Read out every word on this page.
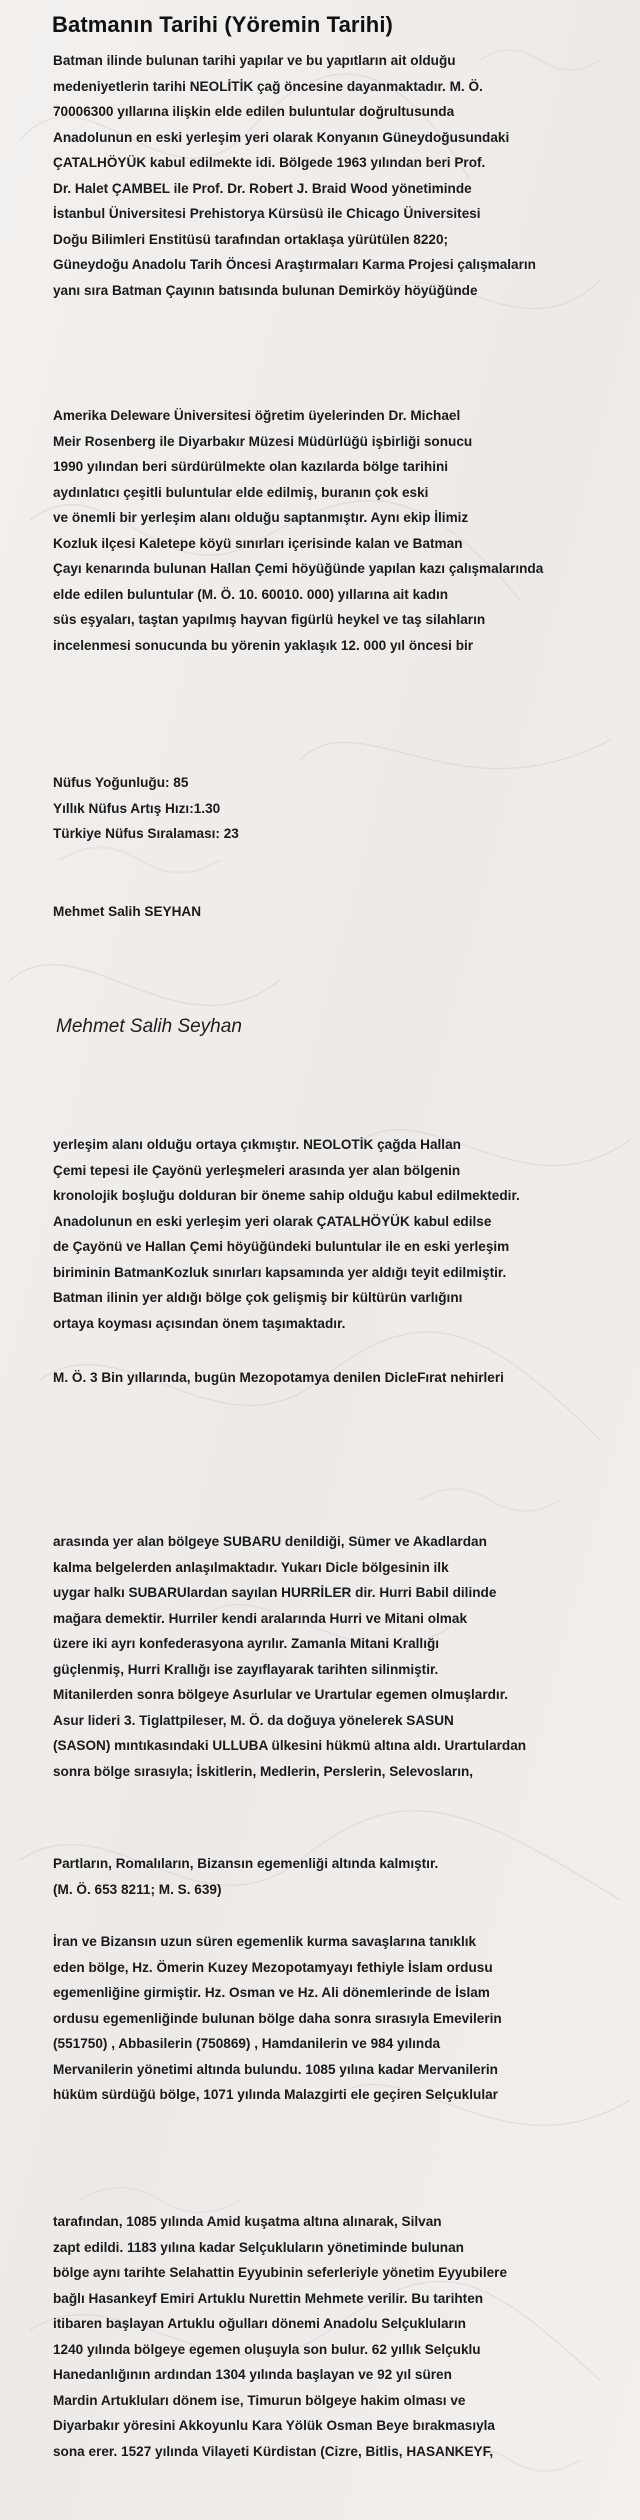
Batmanın Tarihi (Yöremin Tarihi)
Batman ilinde bulunan tarihi yapılar ve bu yapıtların ait olduğu
medeniyetlerin tarihi NEOLİTİK çağ öncesine dayanmaktadır. M. Ö.
70006300 yıllarına ilişkin elde edilen buluntular doğrultusunda
Anadolunun en eski yerleşim yeri olarak Konyanın Güneydoğusundaki
ÇATALHÖYÜK kabul edilmekte idi. Bölgede 1963 yılından beri Prof.
Dr. Halet ÇAMBEL ile Prof. Dr. Robert J. Braid Wood yönetiminde
İstanbul Üniversitesi Prehistorya Kürsüsü ile Chicago Üniversitesi
Doğu Bilimleri Enstitüsü tarafından ortaklaşa yürütülen 8220;
Güneydoğu Anadolu Tarih Öncesi Araştırmaları Karma Projesi çalışmaların
yanı sıra Batman Çayının batısında bulunan Demirköy höyüğünde
Amerika Deleware Üniversitesi öğretim üyelerinden Dr. Michael
Meir Rosenberg ile Diyarbakır Müzesi Müdürlüğü işbirliği sonucu
1990 yılından beri sürdürülmekte olan kazılarda bölge tarihini
aydınlatıcı çeşitli buluntular elde edilmiş, buranın çok eski
ve önemli bir yerleşim alanı olduğu saptanmıştır. Aynı ekip İlimiz
Kozluk ilçesi Kaletepe köyü sınırları içerisinde kalan ve Batman
Çayı kenarında bulunan Hallan Çemi höyüğünde yapılan kazı çalışmalarında
elde edilen buluntular (M. Ö. 10. 60010. 000) yıllarına ait kadın
süs eşyaları, taştan yapılmış hayvan figürlü heykel ve taş silahların
incelenmesi sonucunda bu yörenin yaklaşık 12. 000 yıl öncesi bir
Nüfus Yoğunluğu: 85
Yıllık Nüfus Artış Hızı:1.30
Türkiye Nüfus Sıralaması: 23
Mehmet Salih SEYHAN

Mehmet Salih Seyhan

yerleşim alanı olduğu ortaya çıkmıştır. NEOLOTİK çağda Hallan
Çemi tepesi ile Çayönü yerleşmeleri arasında yer alan bölgenin
kronolojik boşluğu dolduran bir öneme sahip olduğu kabul edilmektedir.
Anadolunun en eski yerleşim yeri olarak ÇATALHÖYÜK kabul edilse
de Çayönü ve Hallan Çemi höyüğündeki buluntular ile en eski yerleşim
biriminin BatmanKozluk sınırları kapsamında yer aldığı teyit edilmiştir.
Batman ilinin yer aldığı bölge çok gelişmiş bir kültürün varlığını
ortaya koyması açısından önem taşımaktadır.
M. Ö. 3 Bin yıllarında, bugün Mezopotamya denilen DicleFırat nehirleri
arasında yer alan bölgeye SUBARU denildiği, Sümer ve Akadlardan
kalma belgelerden anlaşılmaktadır. Yukarı Dicle bölgesinin ilk
uygar halkı SUBARUlardan sayılan HURRİLER dir. Hurri Babil dilinde
mağara demektir. Hurriler kendi aralarında Hurri ve Mitani olmak
üzere iki ayrı konfederasyona ayrılır. Zamanla Mitani Krallığı
güçlenmiş, Hurri Krallığı ise zayıflayarak tarihten silinmiştir.
Mitanilerden sonra bölgeye Asurlular ve Urartular egemen olmuşlardır.
Asur lideri 3. Tiglattpileser, M. Ö. da doğuya yönelerek SASUN
(SASON) mıntıkasındaki ULLUBA ülkesini hükmü altına aldı. Urartulardan
sonra bölge sırasıyla; İskitlerin, Medlerin, Perslerin, Selevosların,
Partların, Romalıların, Bizansın egemenliği altında kalmıştır.
(M. Ö. 653 8211; M. S. 639)
İran ve Bizansın uzun süren egemenlik kurma savaşlarına tanıklık
eden bölge, Hz. Ömerin Kuzey Mezopotamyayı fethiyle İslam ordusu
egemenliğine girmiştir. Hz. Osman ve Hz. Ali dönemlerinde de İslam
ordusu egemenliğinde bulunan bölge daha sonra sırasıyla Emevilerin
(551750) , Abbasilerin (750869) , Hamdanilerin ve 984 yılında
Mervanilerin yönetimi altında bulundu. 1085 yılına kadar Mervanilerin
hüküm sürdüğü bölge, 1071 yılında Malazgirti ele geçiren Selçuklular
tarafından, 1085 yılında Amid kuşatma altına alınarak, Silvan
zapt edildi. 1183 yılına kadar Selçukluların yönetiminde bulunan
bölge aynı tarihte Selahattin Eyyubinin seferleriyle yönetim Eyyubilere
bağlı Hasankeyf Emiri Artuklu Nurettin Mehmete verilir. Bu tarihten
itibaren başlayan Artuklu oğulları dönemi Anadolu Selçukluların
1240 yılında bölgeye egemen oluşuyla son bulur. 62 yıllık Selçuklu
Hanedanlığının ardından 1304 yılında başlayan ve 92 yıl süren
Mardin Artukluları dönem ise, Timurun bölgeye hakim olması ve
Diyarbakır yöresini Akkoyunlu Kara Yölük Osman Beye bırakmasıyla
sona erer. 1527 yılında Vilayeti Kürdistan (Cizre, Bitlis, HASANKEYF,
